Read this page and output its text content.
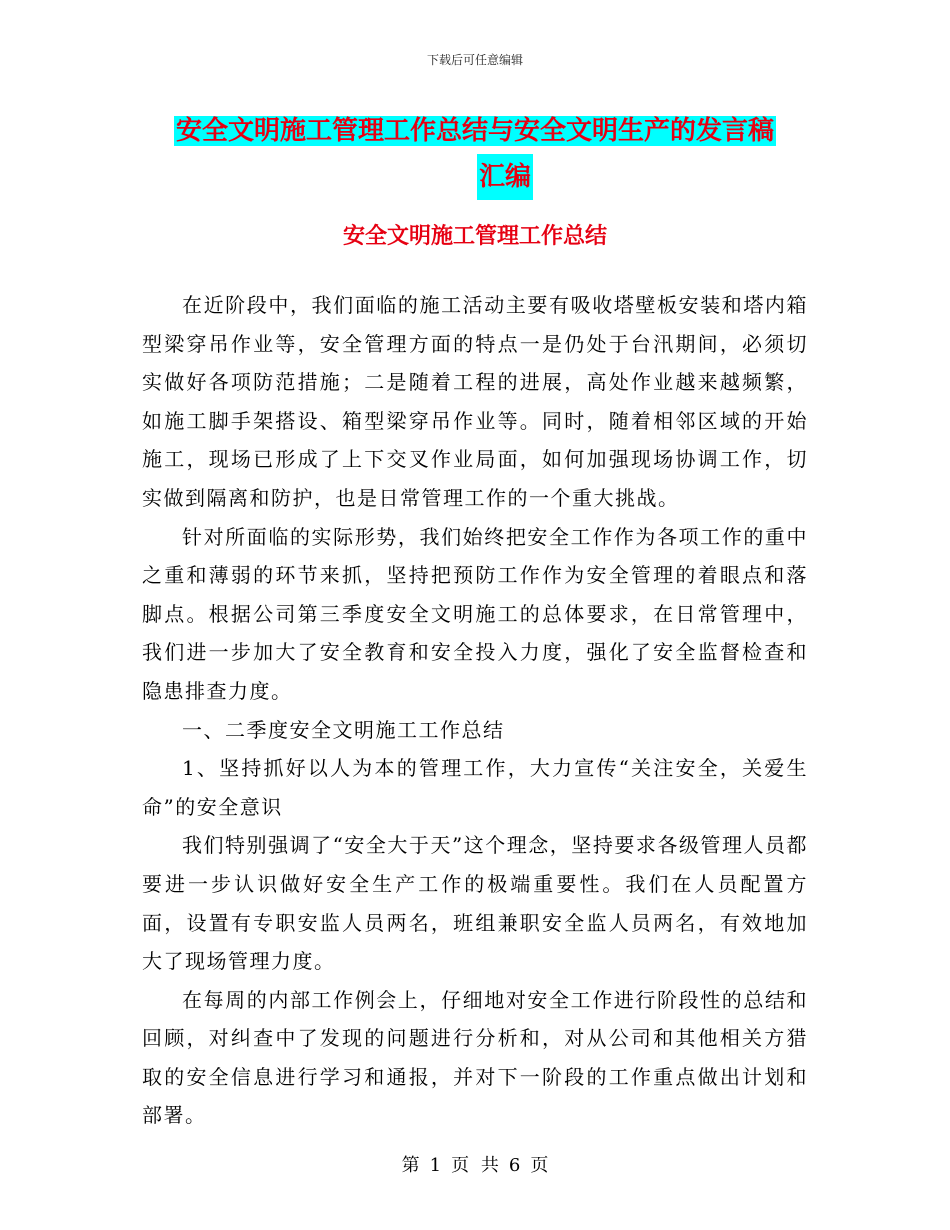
下载后可任意编辑
安全文明施工管理工作总结与安全文明生产的发言稿
汇编
安全文明施工管理工作总结

在近阶段中，我们面临的施工活动主要有吸收塔壁板安装和塔内箱型梁穿吊作业等，安全管理方面的特点一是仍处于台汛期间，必须切实做好各项防范措施；二是随着工程的进展，高处作业越来越频繁，如施工脚手架搭设、箱型梁穿吊作业等。同时，随着相邻区域的开始施工，现场已形成了上下交叉作业局面，如何加强现场协调工作，切实做到隔离和防护，也是日常管理工作的一个重大挑战。

针对所面临的实际形势，我们始终把安全工作作为各项工作的重中之重和薄弱的环节来抓，坚持把预防工作作为安全管理的着眼点和落脚点。根据公司第三季度安全文明施工的总体要求，在日常管理中，我们进一步加大了安全教育和安全投入力度，强化了安全监督检查和隐患排查力度。

一、二季度安全文明施工工作总结

1、坚持抓好以人为本的管理工作，大力宣传“关注安全，关爱生命”的安全意识

我们特别强调了“安全大于天”这个理念，坚持要求各级管理人员都要进一步认识做好安全生产工作的极端重要性。我们在人员配置方面，设置有专职安监人员两名，班组兼职安全监人员两名，有效地加大了现场管理力度。

在每周的内部工作例会上，仔细地对安全工作进行阶段性的总结和回顾，对纠查中了发现的问题进行分析和，对从公司和其他相关方猎取的安全信息进行学习和通报，并对下一阶段的工作重点做出计划和部署。

第 1 页 共 6 页
